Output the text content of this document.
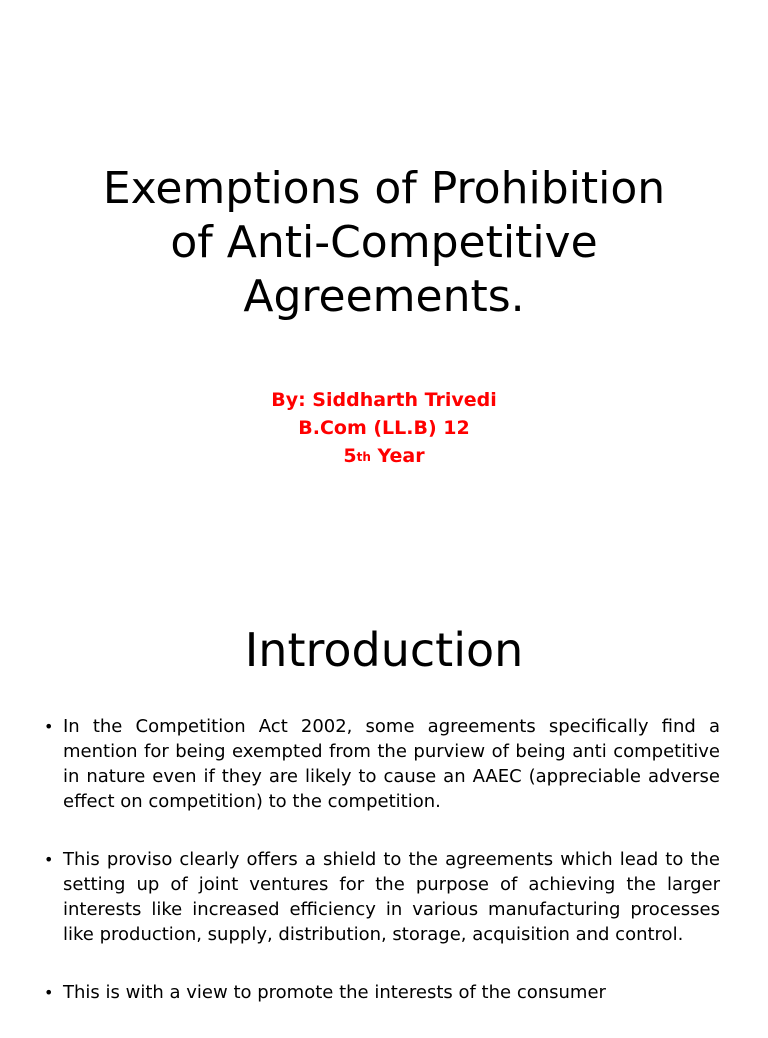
Exemptions of Prohibition
of Anti-Competitive
Agreements.
By: Siddharth Trivedi
B.Com (LL.B) 12
5th Year
Introduction
• In the Competition Act 2002, some agreements specifically find a mention for being exempted from the purview of being anti competitive in nature even if they are likely to cause an AAEC (appreciable adverse effect on competition) to the competition.
• This proviso clearly offers a shield to the agreements which lead to the setting up of joint ventures for the purpose of achieving the larger interests like increased efficiency in various manufacturing processes like production, supply, distribution, storage, acquisition and control.
• This is with a view to promote the interests of the consumer
